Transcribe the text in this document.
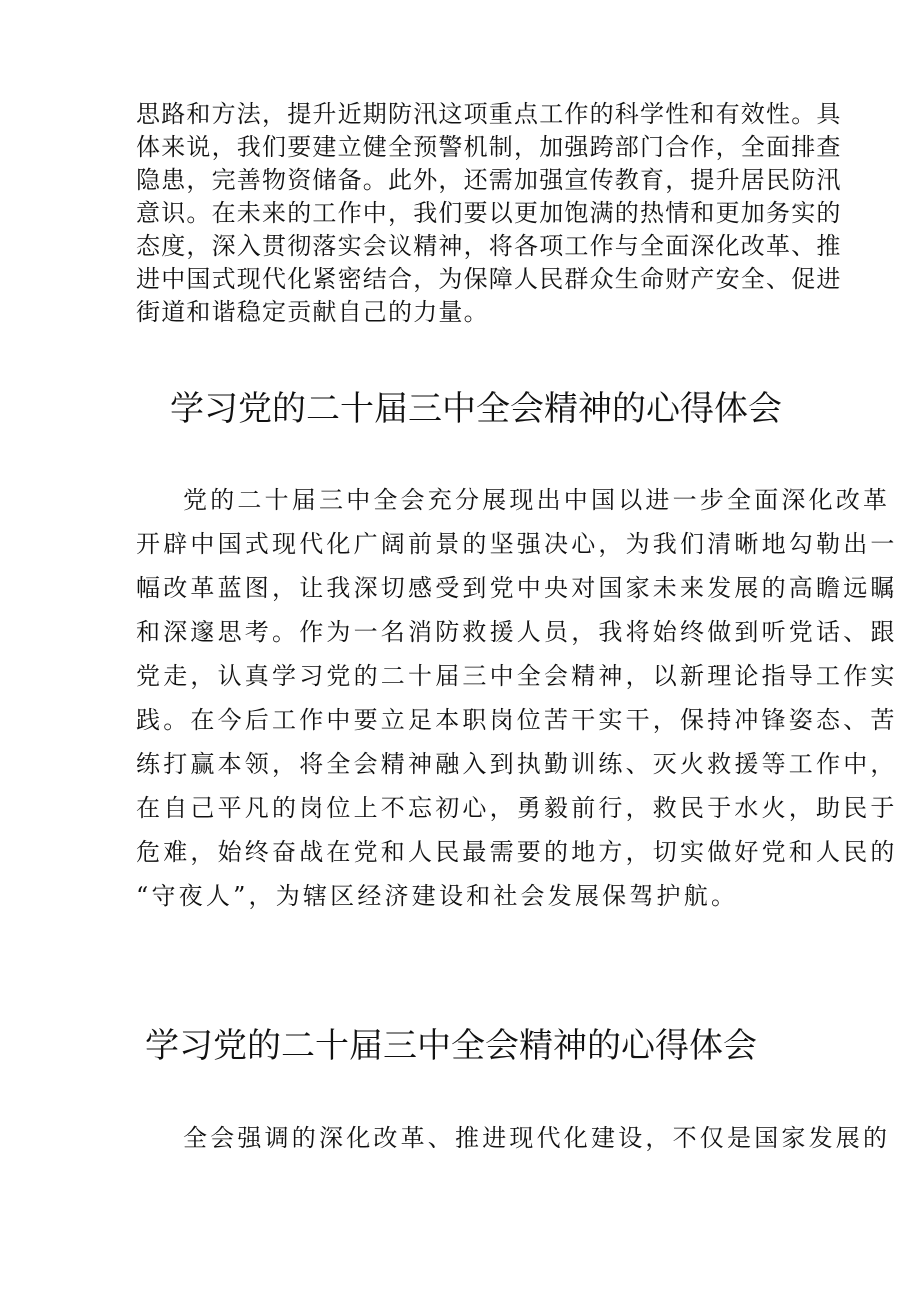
思路和方法，提升近期防汛这项重点工作的科学性和有效性。具
体来说，我们要建立健全预警机制，加强跨部门合作，全面排查
隐患，完善物资储备。此外，还需加强宣传教育，提升居民防汛
意识。在未来的工作中，我们要以更加饱满的热情和更加务实的
态度，深入贯彻落实会议精神，将各项工作与全面深化改革、推
进中国式现代化紧密结合，为保障人民群众生命财产安全、促进
街道和谐稳定贡献自己的力量。
学习党的二十届三中全会精神的心得体会
党的二十届三中全会充分展现出中国以进一步全面深化改革
开辟中国式现代化广阔前景的坚强决心，为我们清晰地勾勒出一
幅改革蓝图，让我深切感受到党中央对国家未来发展的高瞻远瞩
和深邃思考。作为一名消防救援人员，我将始终做到听党话、跟
党走，认真学习党的二十届三中全会精神，以新理论指导工作实
践。在今后工作中要立足本职岗位苦干实干，保持冲锋姿态、苦
练打赢本领，将全会精神融入到执勤训练、灭火救援等工作中，
在自己平凡的岗位上不忘初心，勇毅前行，救民于水火，助民于
危难，始终奋战在党和人民最需要的地方，切实做好党和人民的
“守夜人”，为辖区经济建设和社会发展保驾护航。
学习党的二十届三中全会精神的心得体会
全会强调的深化改革、推进现代化建设，不仅是国家发展的
